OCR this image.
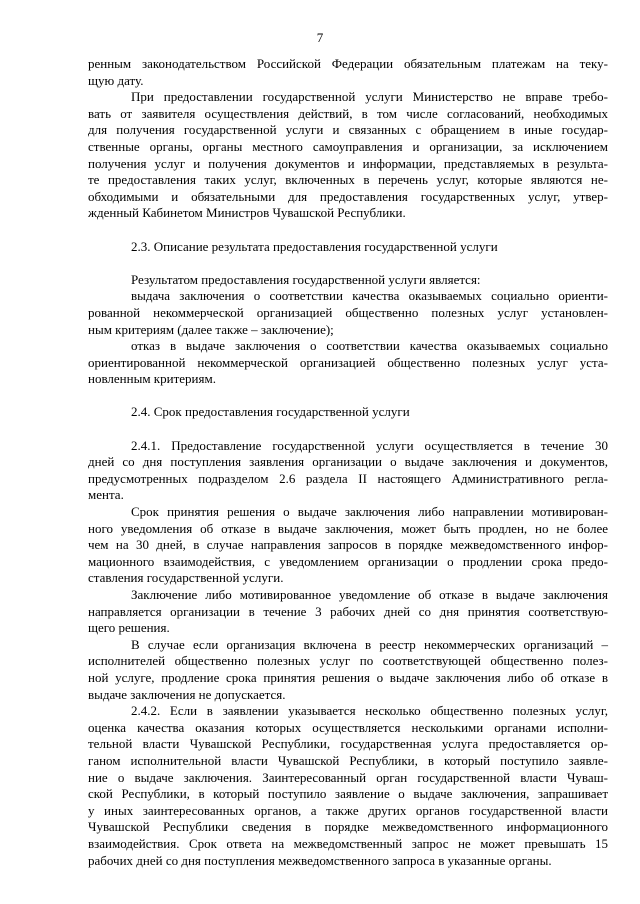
7
ренным законодательством Российской Федерации обязательным платежам на теку-
щую дату.
При предоставлении государственной услуги Министерство не вправе требо-
вать от заявителя осуществления действий, в том числе согласований, необходимых
для получения государственной услуги и связанных с обращением в иные государ-
ственные органы, органы местного самоуправления и организации, за исключением
получения услуг и получения документов и информации, представляемых в результа-
те предоставления таких услуг, включенных в перечень услуг, которые являются не-
обходимыми и обязательными для предоставления государственных услуг, утвер-
жденный Кабинетом Министров Чувашской Республики.
2.3. Описание результата предоставления государственной услуги
Результатом предоставления государственной услуги является:
выдача заключения о соответствии качества оказываемых социально ориенти-
рованной некоммерческой организацией общественно полезных услуг установлен-
ным критериям (далее также – заключение);
отказ в выдаче заключения о соответствии качества оказываемых социально
ориентированной некоммерческой организацией общественно полезных услуг уста-
новленным критериям.
2.4. Срок предоставления государственной услуги
2.4.1. Предоставление государственной услуги осуществляется в течение 30
дней со дня поступления заявления организации о выдаче заключения и документов,
предусмотренных подразделом 2.6 раздела II настоящего Административного регла-
мента.
Срок принятия решения о выдаче заключения либо направлении мотивирован-
ного уведомления об отказе в выдаче заключения, может быть продлен, но не более
чем на 30 дней, в случае направления запросов в порядке межведомственного инфор-
мационного взаимодействия, с уведомлением организации о продлении срока предо-
ставления государственной услуги.
Заключение либо мотивированное уведомление об отказе в выдаче заключения
направляется организации в течение 3 рабочих дней со дня принятия соответствую-
щего решения.
В случае если организация включена в реестр некоммерческих организаций –
исполнителей общественно полезных услуг по соответствующей общественно полез-
ной услуге, продление срока принятия решения о выдаче заключения либо об отказе в
выдаче заключения не допускается.
2.4.2. Если в заявлении указывается несколько общественно полезных услуг,
оценка качества оказания которых осуществляется несколькими органами исполни-
тельной власти Чувашской Республики, государственная услуга предоставляется ор-
ганом исполнительной власти Чувашской Республики, в который поступило заявле-
ние о выдаче заключения. Заинтересованный орган государственной власти Чуваш-
ской Республики, в который поступило заявление о выдаче заключения, запрашивает
у иных заинтересованных органов, а также других органов государственной власти
Чувашской Республики сведения в порядке межведомственного информационного
взаимодействия. Срок ответа на межведомственный запрос не может превышать 15
рабочих дней со дня поступления межведомственного запроса в указанные органы.
